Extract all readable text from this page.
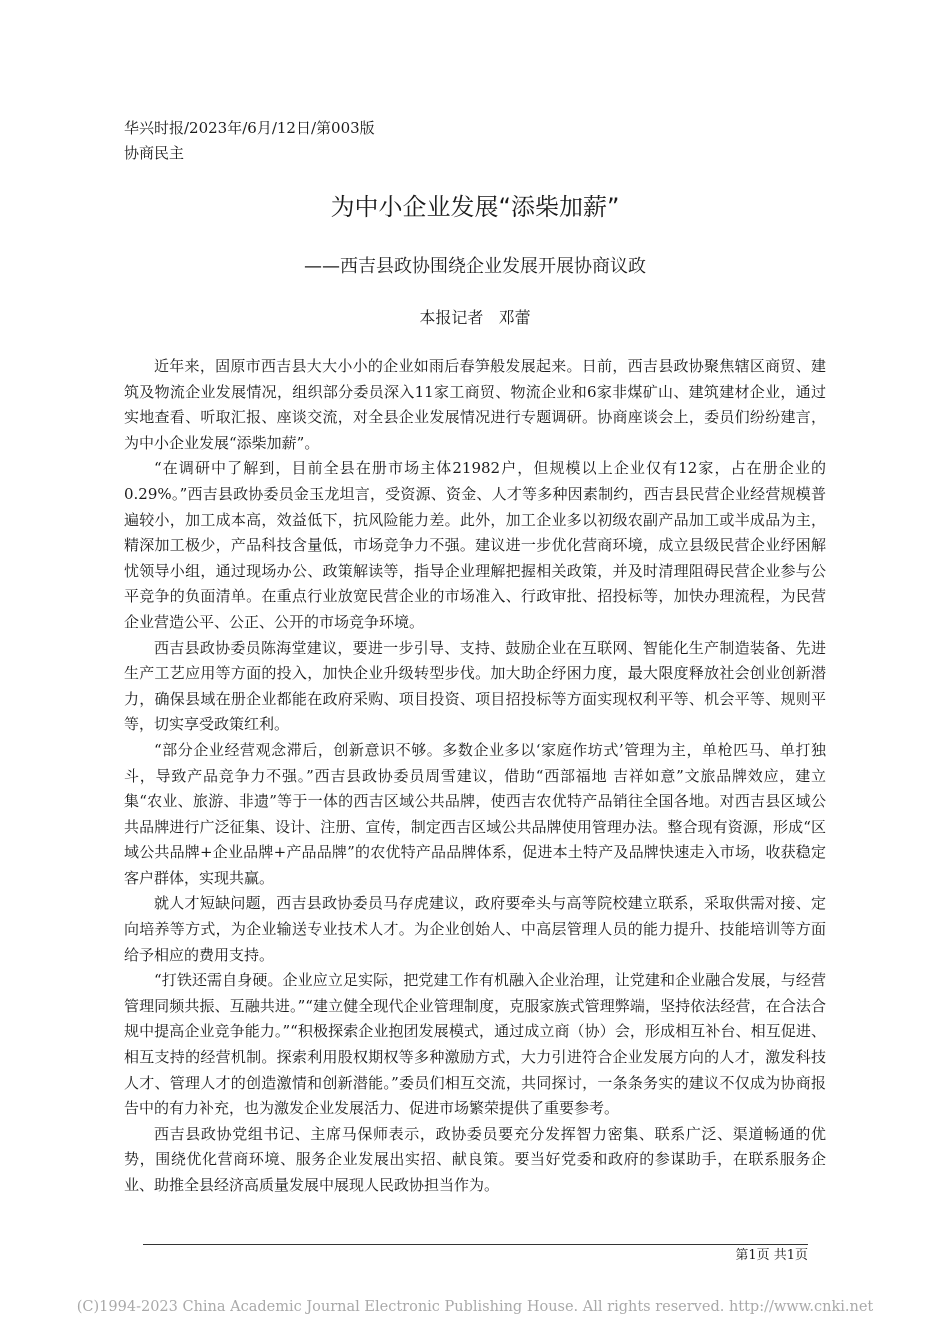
华兴时报/2023年/6月/12日/第003版
协商民主
为中小企业发展“添柴加薪”
——西吉县政协围绕企业发展开展协商议政
本报记者   邓蕾

近年来，固原市西吉县大大小小的企业如雨后春笋般发展起来。日前，西吉县政协聚焦辖区商贸、建筑及物流企业发展情况，组织部分委员深入11家工商贸、物流企业和6家非煤矿山、建筑建材企业，通过实地查看、听取汇报、座谈交流，对全县企业发展情况进行专题调研。协商座谈会上，委员们纷纷建言，为中小企业发展“添柴加薪”。

“在调研中了解到，目前全县在册市场主体21982户，但规模以上企业仅有12家，占在册企业的0.29%。”西吉县政协委员金玉龙坦言，受资源、资金、人才等多种因素制约，西吉县民营企业经营规模普遍较小，加工成本高，效益低下，抗风险能力差。此外，加工企业多以初级农副产品加工或半成品为主，精深加工极少，产品科技含量低，市场竞争力不强。建议进一步优化营商环境，成立县级民营企业纾困解忧领导小组，通过现场办公、政策解读等，指导企业理解把握相关政策，并及时清理阻碍民营企业参与公平竞争的负面清单。在重点行业放宽民营企业的市场准入、行政审批、招投标等，加快办理流程，为民营企业营造公平、公正、公开的市场竞争环境。

西吉县政协委员陈海堂建议，要进一步引导、支持、鼓励企业在互联网、智能化生产制造装备、先进生产工艺应用等方面的投入，加快企业升级转型步伐。加大助企纾困力度，最大限度释放社会创业创新潜力，确保县域在册企业都能在政府采购、项目投资、项目招投标等方面实现权利平等、机会平等、规则平等，切实享受政策红利。

“部分企业经营观念滞后，创新意识不够。多数企业多以‘家庭作坊式’管理为主，单枪匹马、单打独斗，导致产品竞争力不强。”西吉县政协委员周雪建议，借助“西部福地 吉祥如意”文旅品牌效应，建立集“农业、旅游、非遗”等于一体的西吉区域公共品牌，使西吉农优特产品销往全国各地。对西吉县区域公共品牌进行广泛征集、设计、注册、宣传，制定西吉区域公共品牌使用管理办法。整合现有资源，形成“区域公共品牌+企业品牌+产品品牌”的农优特产品品牌体系，促进本土特产及品牌快速走入市场，收获稳定客户群体，实现共赢。

就人才短缺问题，西吉县政协委员马存虎建议，政府要牵头与高等院校建立联系，采取供需对接、定向培养等方式，为企业输送专业技术人才。为企业创始人、中高层管理人员的能力提升、技能培训等方面给予相应的费用支持。

“打铁还需自身硬。企业应立足实际，把党建工作有机融入企业治理，让党建和企业融合发展，与经营管理同频共振、互融共进。”“建立健全现代企业管理制度，克服家族式管理弊端，坚持依法经营，在合法合规中提高企业竞争能力。”“积极探索企业抱团发展模式，通过成立商（协）会，形成相互补台、相互促进、相互支持的经营机制。探索利用股权期权等多种激励方式，大力引进符合企业发展方向的人才，激发科技人才、管理人才的创造激情和创新潜能。”委员们相互交流，共同探讨，一条条务实的建议不仅成为协商报告中的有力补充，也为激发企业发展活力、促进市场繁荣提供了重要参考。

西吉县政协党组书记、主席马保师表示，政协委员要充分发挥智力密集、联系广泛、渠道畅通的优势，围绕优化营商环境、服务企业发展出实招、献良策。要当好党委和政府的参谋助手，在联系服务企业、助推全县经济高质量发展中展现人民政协担当作为。

第1页 共1页
(C)1994-2023 China Academic Journal Electronic Publishing House. All rights reserved. http://www.cnki.net
